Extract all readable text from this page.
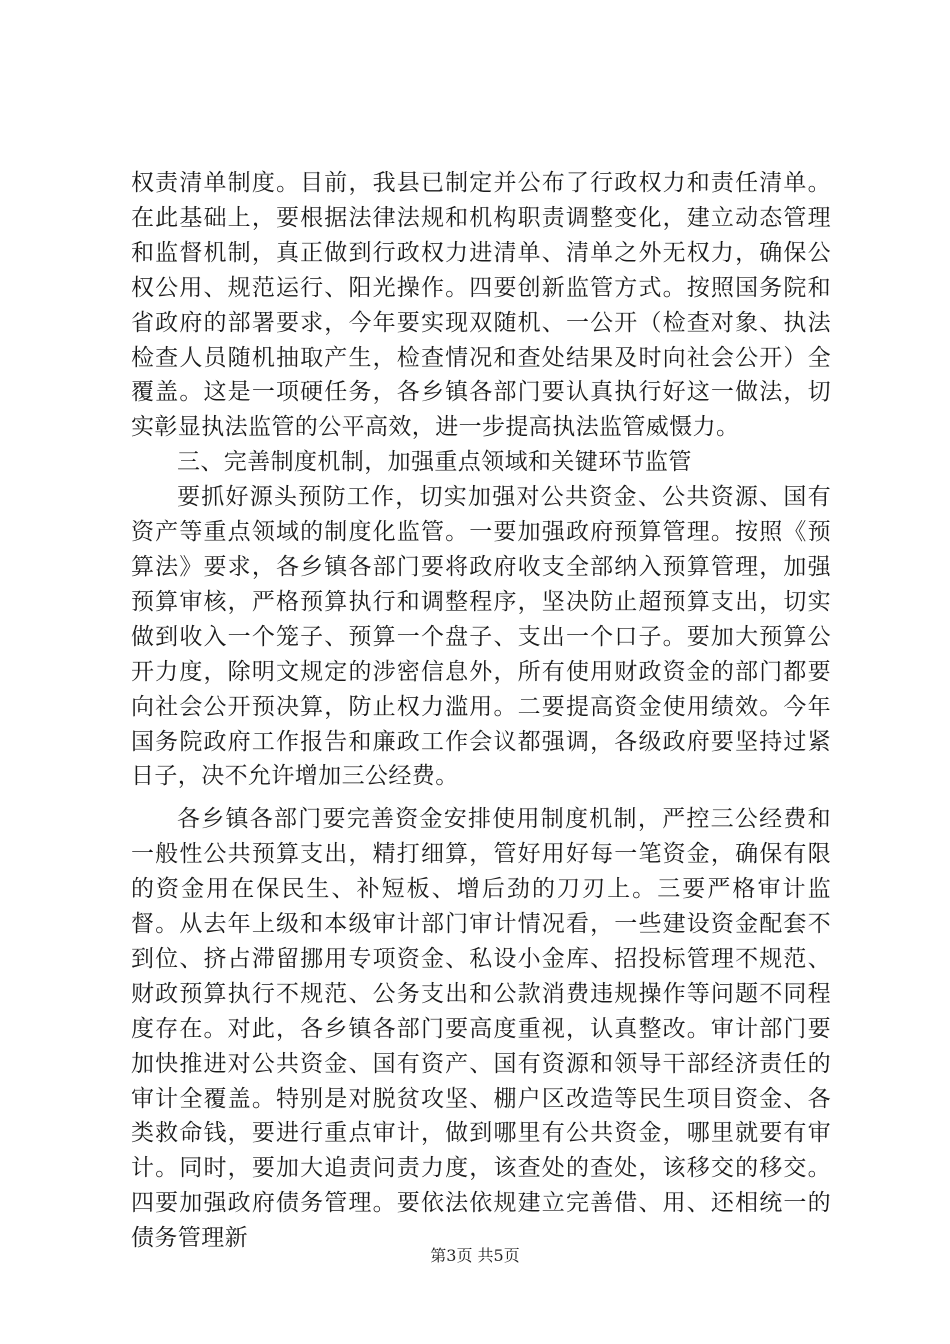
权责清单制度。目前，我县已制定并公布了行政权力和责任清单。在此基础上，要根据法律法规和机构职责调整变化，建立动态管理和监督机制，真正做到行政权力进清单、清单之外无权力，确保公权公用、规范运行、阳光操作。四要创新监管方式。按照国务院和省政府的部署要求，今年要实现双随机、一公开（检查对象、执法检查人员随机抽取产生，检查情况和查处结果及时向社会公开）全覆盖。这是一项硬任务，各乡镇各部门要认真执行好这一做法，切实彰显执法监管的公平高效，进一步提高执法监管威慑力。

三、完善制度机制，加强重点领域和关键环节监管

要抓好源头预防工作，切实加强对公共资金、公共资源、国有资产等重点领域的制度化监管。一要加强政府预算管理。按照《预算法》要求，各乡镇各部门要将政府收支全部纳入预算管理，加强预算审核，严格预算执行和调整程序，坚决防止超预算支出，切实做到收入一个笼子、预算一个盘子、支出一个口子。要加大预算公开力度，除明文规定的涉密信息外，所有使用财政资金的部门都要向社会公开预决算，防止权力滥用。二要提高资金使用绩效。今年国务院政府工作报告和廉政工作会议都强调，各级政府要坚持过紧日子，决不允许增加三公经费。

各乡镇各部门要完善资金安排使用制度机制，严控三公经费和一般性公共预算支出，精打细算，管好用好每一笔资金，确保有限的资金用在保民生、补短板、增后劲的刀刃上。三要严格审计监督。从去年上级和本级审计部门审计情况看，一些建设资金配套不到位、挤占滞留挪用专项资金、私设小金库、招投标管理不规范、财政预算执行不规范、公务支出和公款消费违规操作等问题不同程度存在。对此，各乡镇各部门要高度重视，认真整改。审计部门要加快推进对公共资金、国有资产、国有资源和领导干部经济责任的审计全覆盖。特别是对脱贫攻坚、棚户区改造等民生项目资金、各类救命钱，要进行重点审计，做到哪里有公共资金，哪里就要有审计。同时，要加大追责问责力度，该查处的查处，该移交的移交。四要加强政府债务管理。要依法依规建立完善借、用、还相统一的债务管理新

第3页 共5页
